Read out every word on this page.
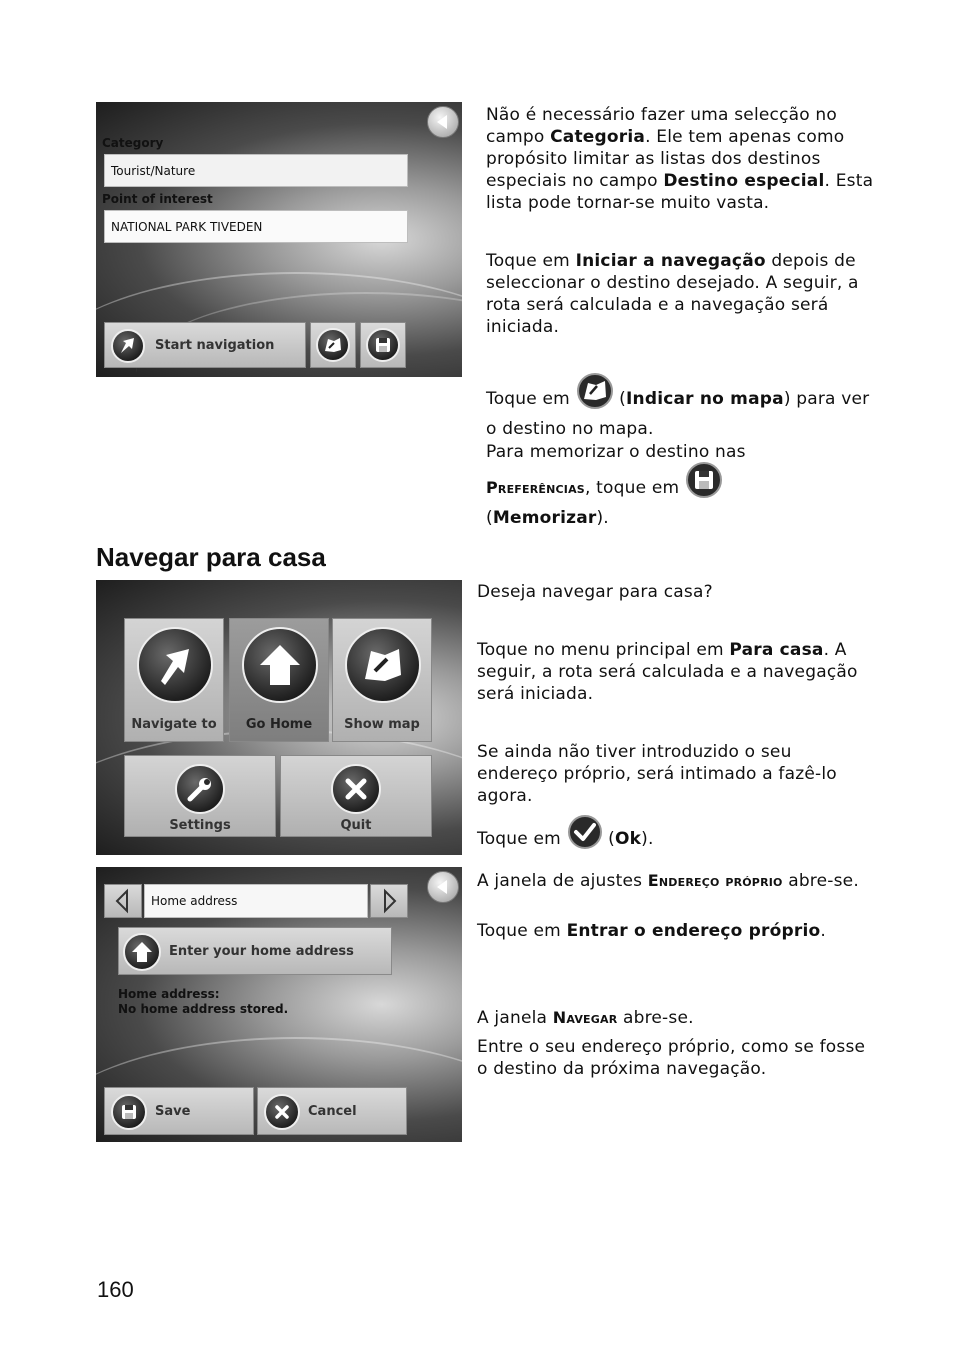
Category
Tourist/Nature
Point of interest
NATIONAL PARK TIVEDEN
Start navigation

Não é necessário fazer uma selecção no campo Categoria. Ele tem apenas como propósito limitar as listas dos destinos especiais no campo Destino especial. Esta lista pode tornar-se muito vasta.

Toque em Iniciar a navegação depois de seleccionar o destino desejado. A seguir, a rota será calculada e a navegação será iniciada.

Toque em  (Indicar no mapa) para ver o destino no mapa.

Para memorizar o destino nas

Preferências, toque em
(Memorizar).

Navegar para casa
Navigate to	Go Home	Show map
Settings	Quit

Deseja navegar para casa?

Toque no menu principal em Para casa. A seguir, a rota será calculada e a navegação será iniciada.

Se ainda não tiver introduzido o seu endereço próprio, será intimado a fazê-lo agora.

Toque em  (Ok).

Home address
Enter your home address
Home address:
No home address stored.
Save	Cancel

A janela de ajustes Endereço próprio abre-se.

Toque em Entrar o endereço próprio.

A janela Navegar abre-se.

Entre o seu endereço próprio, como se fosse o destino da próxima navegação.

160
